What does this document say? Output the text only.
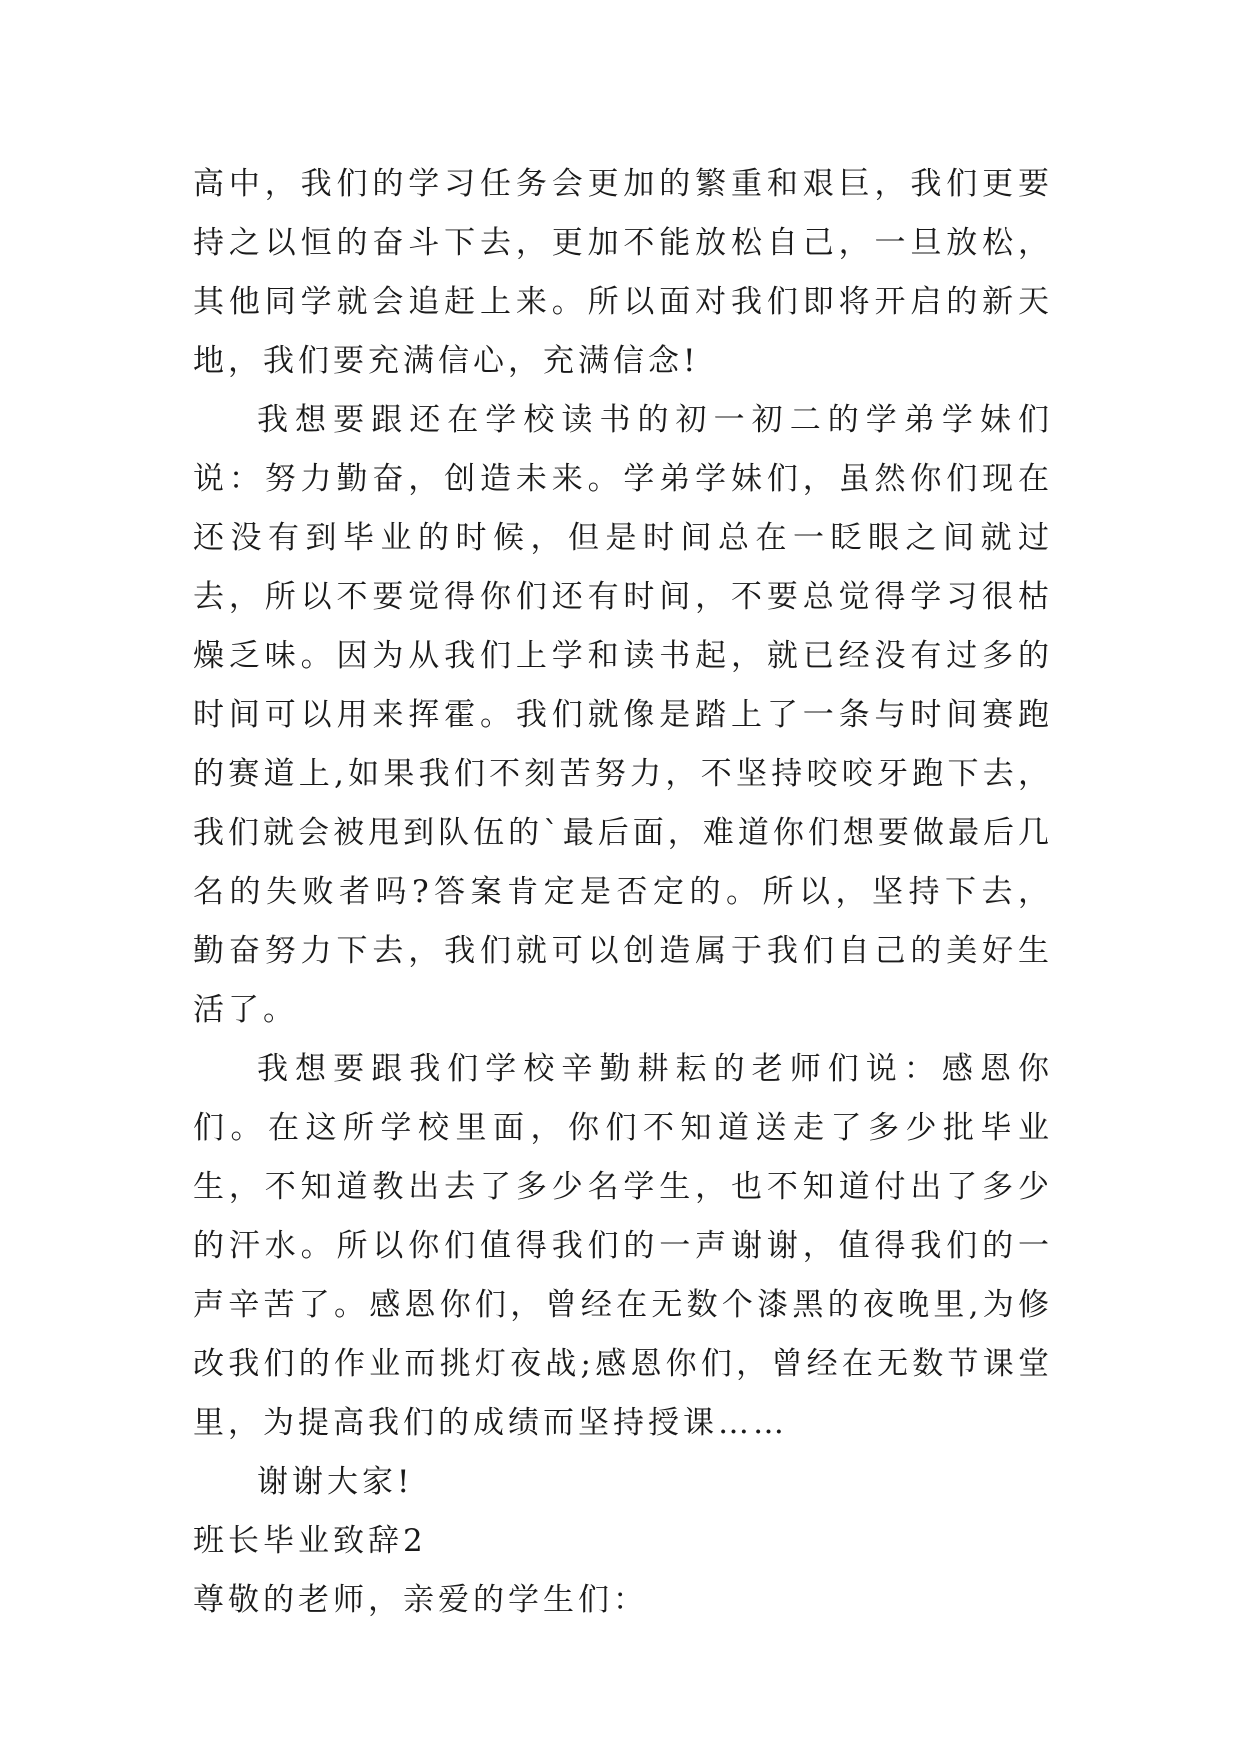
高中，我们的学习任务会更加的繁重和艰巨，我们更要持之以恒的奋斗下去，更加不能放松自己，一旦放松，其他同学就会追赶上来。所以面对我们即将开启的新天地，我们要充满信心，充满信念!

我想要跟还在学校读书的初一初二的学弟学妹们说：努力勤奋，创造未来。学弟学妹们，虽然你们现在还没有到毕业的时候，但是时间总在一眨眼之间就过去，所以不要觉得你们还有时间，不要总觉得学习很枯燥乏味。因为从我们上学和读书起，就已经没有过多的时间可以用来挥霍。我们就像是踏上了一条与时间赛跑的赛道上,如果我们不刻苦努力，不坚持咬咬牙跑下去，我们就会被甩到队伍的`最后面，难道你们想要做最后几名的失败者吗?答案肯定是否定的。所以，坚持下去，勤奋努力下去，我们就可以创造属于我们自己的美好生活了。

我想要跟我们学校辛勤耕耘的老师们说：感恩你们。在这所学校里面，你们不知道送走了多少批毕业生，不知道教出去了多少名学生，也不知道付出了多少的汗水。所以你们值得我们的一声谢谢，值得我们的一声辛苦了。感恩你们，曾经在无数个漆黑的夜晚里,为修改我们的作业而挑灯夜战;感恩你们，曾经在无数节课堂里，为提高我们的成绩而坚持授课……

谢谢大家!

班长毕业致辞2

尊敬的老师，亲爱的学生们：
